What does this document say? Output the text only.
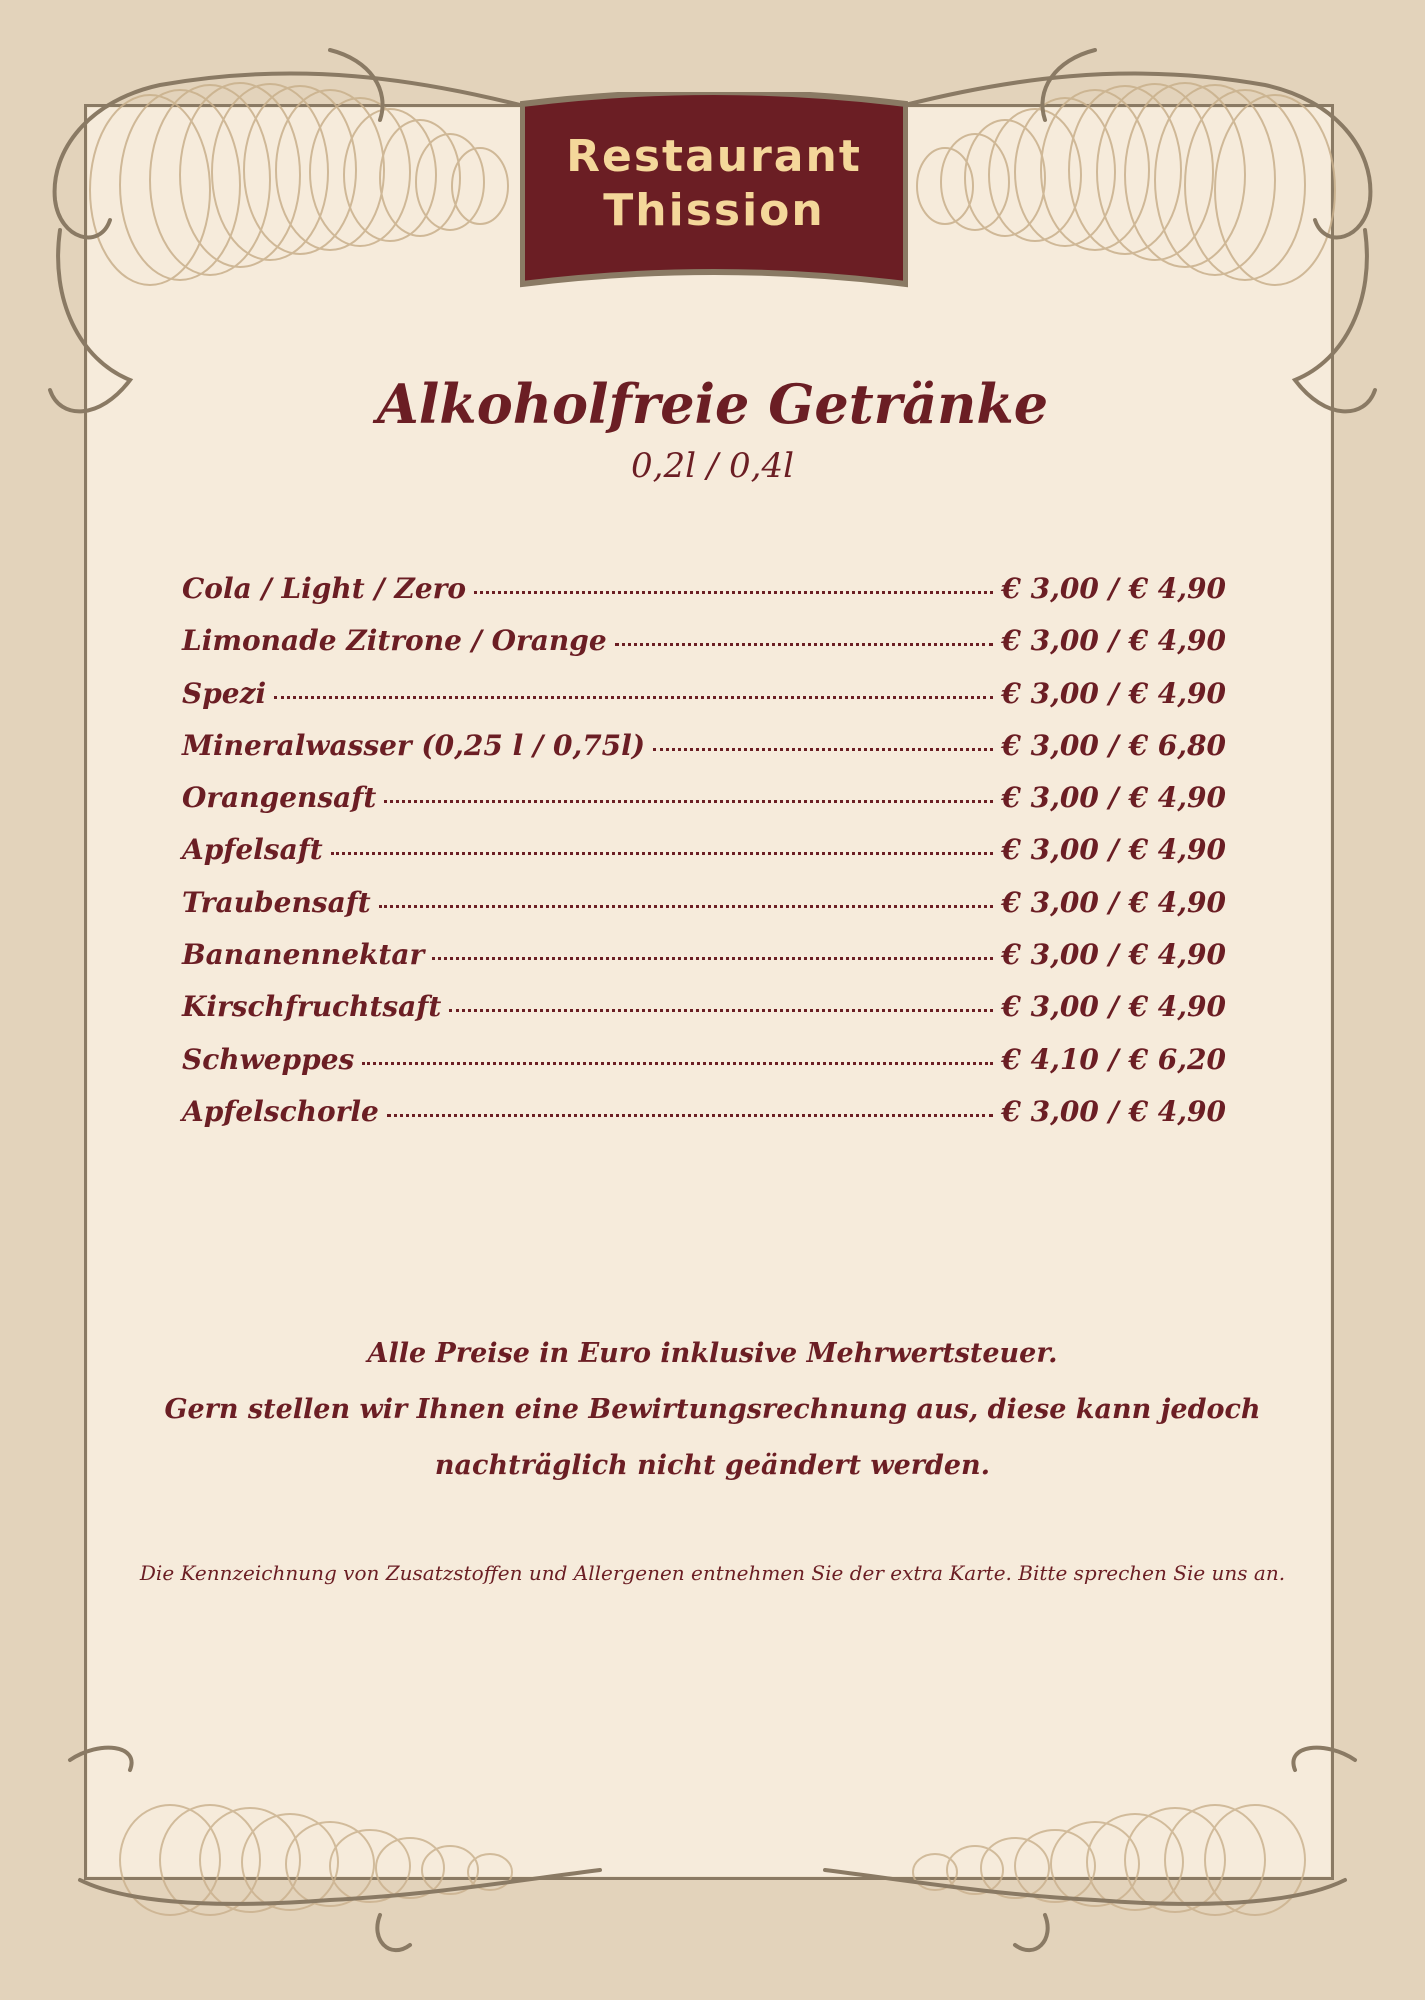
Restaurant
Thission
Alkoholfreie Getränke
0,2l / 0,4l
Cola / Light / Zero	€ 3,00 / € 4,90
Limonade Zitrone / Orange	€ 3,00 / € 4,90
Spezi	€ 3,00 / € 4,90
Mineralwasser (0,25 l / 0,75l)	€ 3,00 / € 6,80
Orangensaft	€ 3,00 / € 4,90
Apfelsaft	€ 3,00 / € 4,90
Traubensaft	€ 3,00 / € 4,90
Bananennektar	€ 3,00 / € 4,90
Kirschfruchtsaft	€ 3,00 / € 4,90
Schweppes	€ 4,10 / € 6,20
Apfelschorle	€ 3,00 / € 4,90
Alle Preise in Euro inklusive Mehrwertsteuer.
Gern stellen wir Ihnen eine Bewirtungsrechnung aus, diese kann jedoch
nachträglich nicht geändert werden.
Die Kennzeichnung von Zusatzstoffen und Allergenen entnehmen Sie der extra Karte. Bitte sprechen Sie uns an.
